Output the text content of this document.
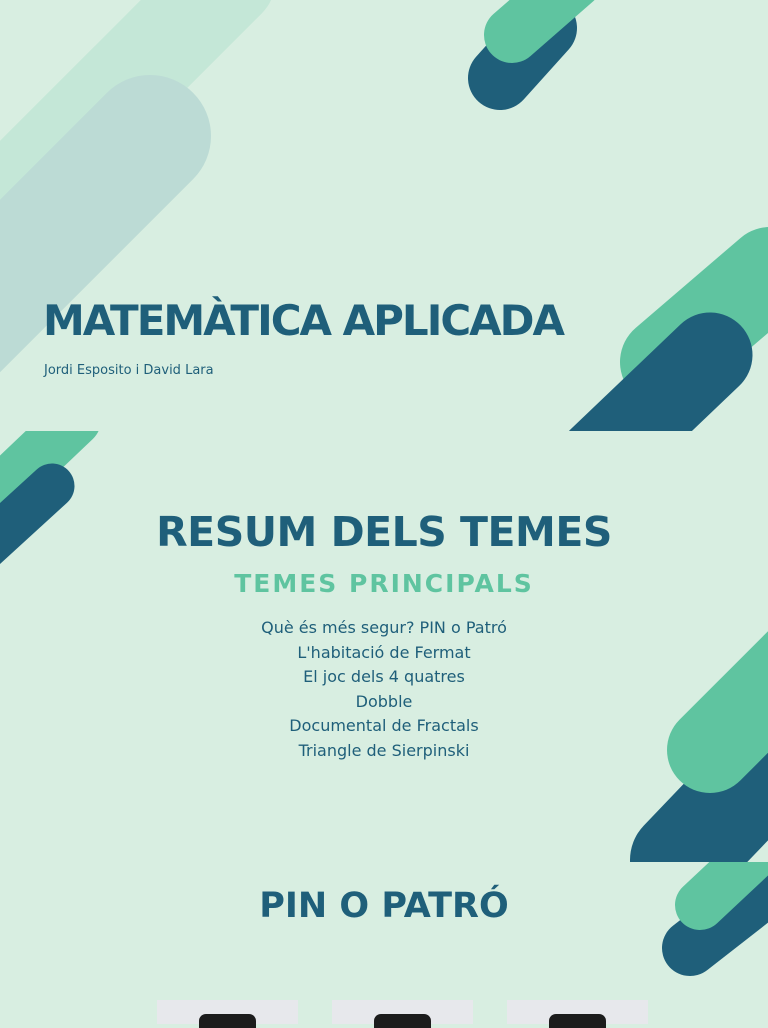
MATEMÀTICA APLICADA

Jordi Esposito i David Lara

RESUM DELS TEMES
TEMES PRINCIPALS
Què és més segur? PIN o Patró
L'habitació de Fermat
El joc dels 4 quatres
Dobble
Documental de Fractals
Triangle de Sierpinski
PIN O PATRÓ
